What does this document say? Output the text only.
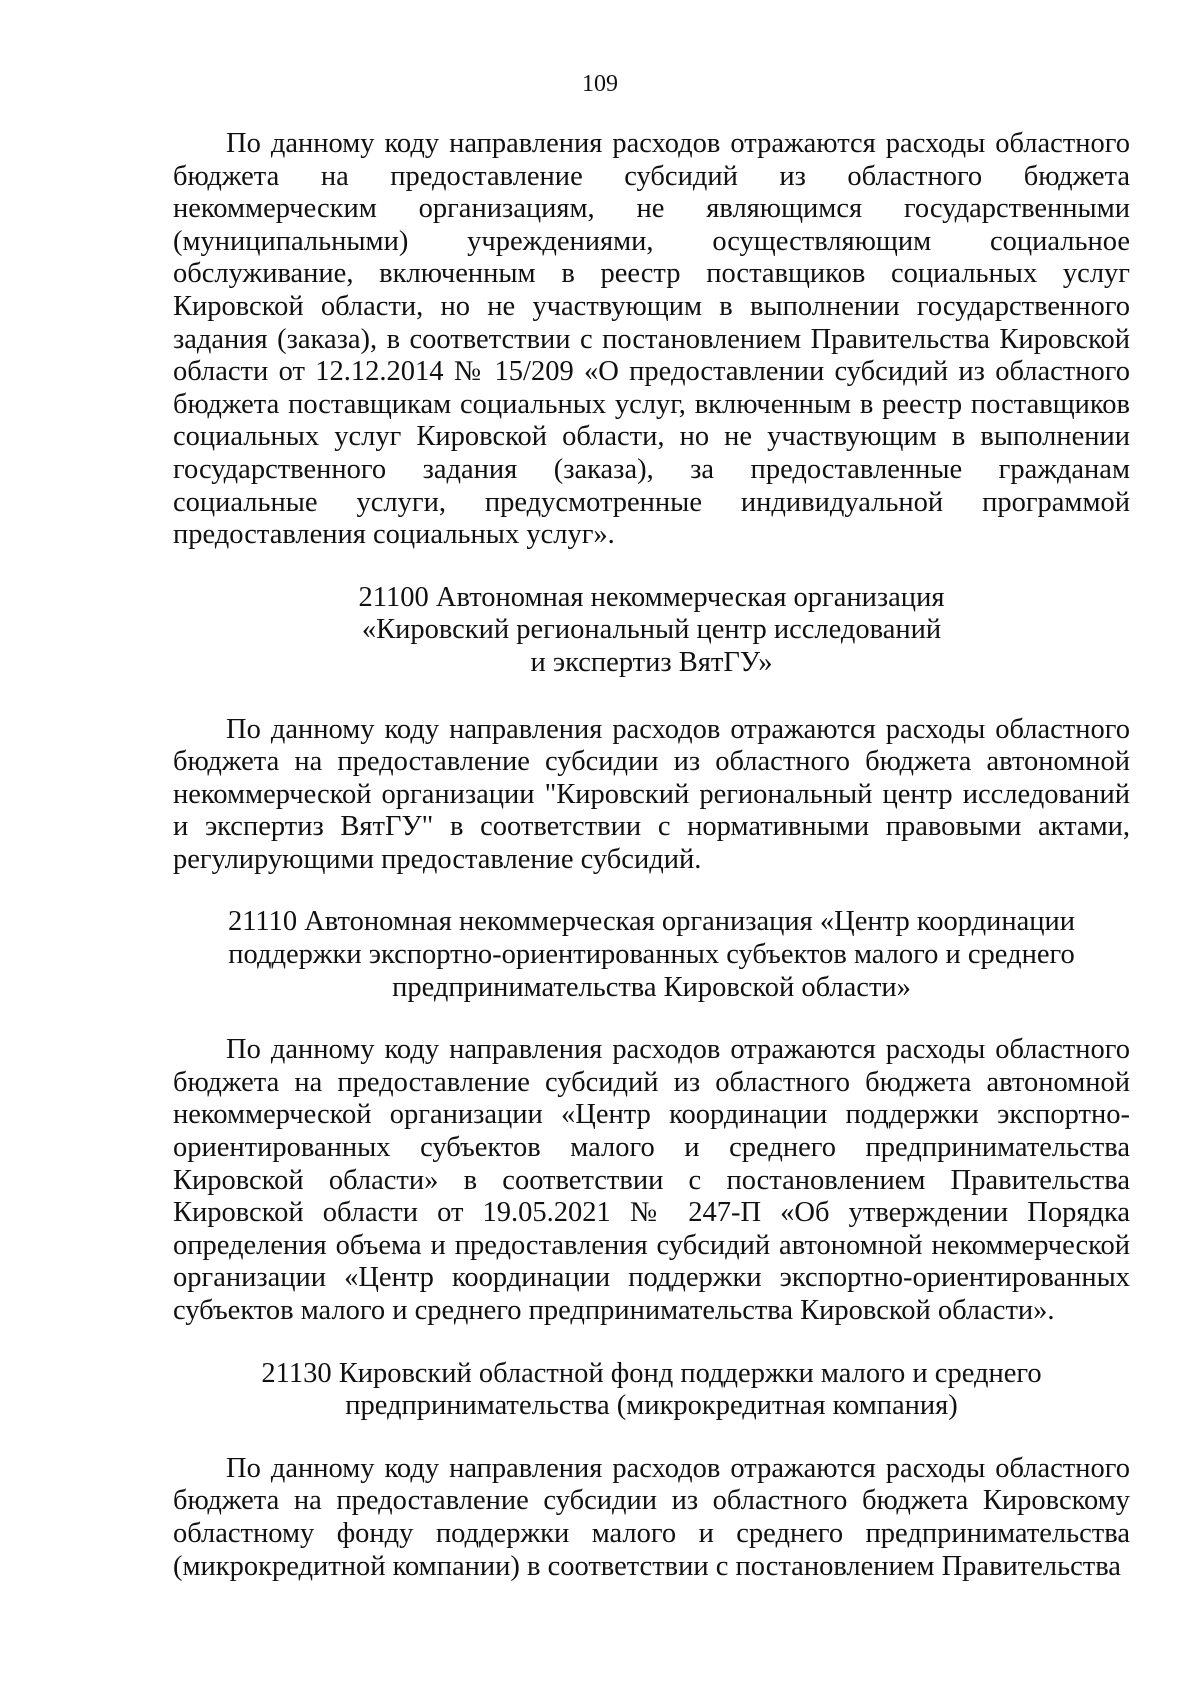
109

По данному коду направления расходов отражаются расходы областного бюджета на предоставление субсидий из областного бюджета некоммерческим организациям, не являющимся государственными (муниципальными) учреждениями, осуществляющим социальное обслуживание, включенным в реестр поставщиков социальных услуг Кировской области, но не участвующим в выполнении государственного задания (заказа), в соответствии с постановлением Правительства Кировской области от 12.12.2014 № 15/209 «О предоставлении субсидий из областного бюджета поставщикам социальных услуг, включенным в реестр поставщиков социальных услуг Кировской области, но не участвующим в выполнении государственного задания (заказа), за предоставленные гражданам социальные услуги, предусмотренные индивидуальной программой предоставления социальных услуг».

21100 Автономная некоммерческая организация
«Кировский региональный центр исследований
и экспертиз ВятГУ»

По данному коду направления расходов отражаются расходы областного бюджета на предоставление субсидии из областного бюджета автономной некоммерческой организации "Кировский региональный центр исследований и экспертиз ВятГУ" в соответствии с нормативными правовыми актами, регулирующими предоставление субсидий.

21110 Автономная некоммерческая организация «Центр координации
поддержки экспортно-ориентированных субъектов малого и среднего
предпринимательства Кировской области»

По данному коду направления расходов отражаются расходы областного бюджета на предоставление субсидий из областного бюджета автономной некоммерческой организации «Центр координации поддержки экспортно-ориентированных субъектов малого и среднего предпринимательства Кировской области» в соответствии с постановлением Правительства Кировской области от 19.05.2021 № 247-П «Об утверждении Порядка определения объема и предоставления субсидий автономной некоммерческой организации «Центр координации поддержки экспортно-ориентированных субъектов малого и среднего предпринимательства Кировской области».

21130 Кировский областной фонд поддержки малого и среднего
предпринимательства (микрокредитная компания)

По данному коду направления расходов отражаются расходы областного бюджета на предоставление субсидии из областного бюджета Кировскому областному фонду поддержки малого и среднего предпринимательства (микрокредитной компании) в соответствии с постановлением Правительства
